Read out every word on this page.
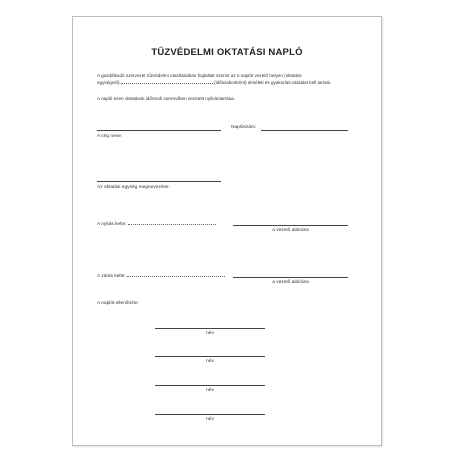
TŰZVÉDELMI OKTATÁSI NAPLÓ
A gazdálkodó szervezet tűzvédelmi utasításában foglaltak szerint az e naplót vezető helyen (oktatási
egységnél)	(időszakonként) elméleti és gyakorlati oktatást kell tartani.
A napló ezen oktatások időrendi sorrendben vezetett nyilvántartása.
Naplószám:
A cég neve:
Az oktatási egység megnevezése:
A nyitás kelte:
a vezető aláírása
A zárás kelte:
a vezető aláírása
A naplót ellenőrizte:
név
név
név
név
